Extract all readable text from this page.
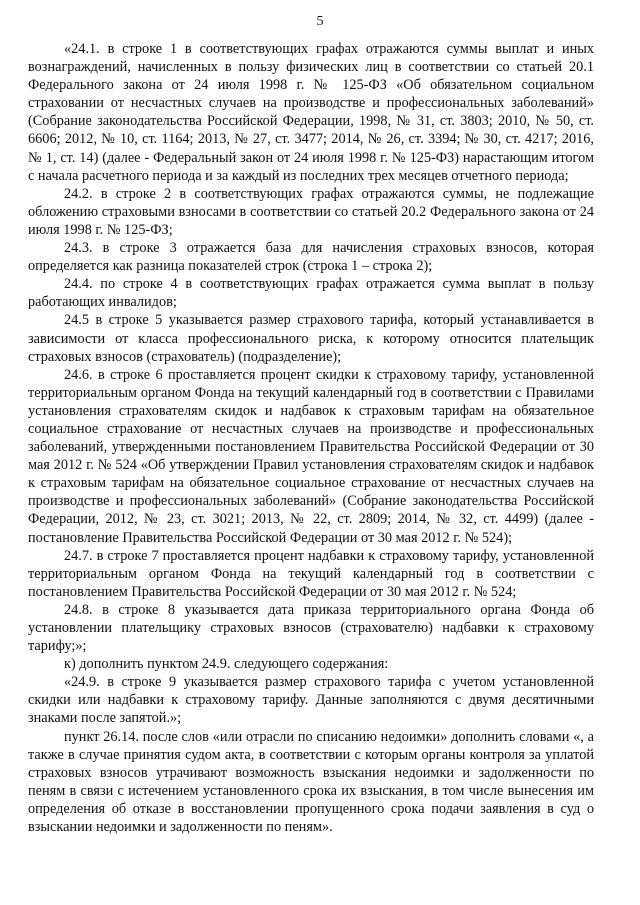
5

«24.1. в строке 1 в соответствующих графах отражаются суммы выплат и иных вознаграждений, начисленных в пользу физических лиц в соответствии со статьей 20.1 Федерального закона от 24 июля 1998 г. № 125-ФЗ «Об обязательном социальном страховании от несчастных случаев на производстве и профессиональных заболеваний» (Собрание законодательства Российской Федерации, 1998, № 31, ст. 3803; 2010, № 50, ст. 6606; 2012, № 10, ст. 1164; 2013, № 27, ст. 3477; 2014, № 26, ст. 3394; № 30, ст. 4217; 2016, № 1, ст. 14) (далее - Федеральный закон от 24 июля 1998 г. № 125-ФЗ) нарастающим итогом с начала расчетного периода и за каждый из последних трех месяцев отчетного периода;

24.2. в строке 2 в соответствующих графах отражаются суммы, не подлежащие обложению страховыми взносами в соответствии со статьей 20.2 Федерального закона от 24 июля 1998 г. № 125-ФЗ;

24.3. в строке 3 отражается база для начисления страховых взносов, которая определяется как разница показателей строк (строка 1 – строка 2);

24.4. по строке 4 в соответствующих графах отражается сумма выплат в пользу работающих инвалидов;

24.5 в строке 5 указывается размер страхового тарифа, который устанавливается в зависимости от класса профессионального риска, к которому относится плательщик страховых взносов (страхователь) (подразделение);

24.6. в строке 6 проставляется процент скидки к страховому тарифу, установленной территориальным органом Фонда на текущий календарный год в соответствии с Правилами установления страхователям скидок и надбавок к страховым тарифам на обязательное социальное страхование от несчастных случаев на производстве и профессиональных заболеваний, утвержденными постановлением Правительства Российской Федерации от 30 мая 2012 г. № 524 «Об утверждении Правил установления страхователям скидок и надбавок к страховым тарифам на обязательное социальное страхование от несчастных случаев на производстве и профессиональных заболеваний» (Собрание законодательства Российской Федерации, 2012, № 23, ст. 3021; 2013, № 22, ст. 2809; 2014, № 32, ст. 4499) (далее - постановление Правительства Российской Федерации от 30 мая 2012 г. № 524);

24.7. в строке 7 проставляется процент надбавки к страховому тарифу, установленной территориальным органом Фонда на текущий календарный год в соответствии с постановлением Правительства Российской Федерации от 30 мая 2012 г. № 524;

24.8. в строке 8 указывается дата приказа территориального органа Фонда об установлении плательщику страховых взносов (страхователю) надбавки к страховому тарифу;»;

к) дополнить пунктом 24.9. следующего содержания:

«24.9. в строке 9 указывается размер страхового тарифа с учетом установленной скидки или надбавки к страховому тарифу. Данные заполняются с двумя десятичными знаками после запятой.»;

пункт 26.14. после слов «или отрасли по списанию недоимки» дополнить словами «, а также в случае принятия судом акта, в соответствии с которым органы контроля за уплатой страховых взносов утрачивают возможность взыскания недоимки и задолженности по пеням в связи с истечением установленного срока их взыскания, в том числе вынесения им определения об отказе в восстановлении пропущенного срока подачи заявления в суд о взыскании недоимки и задолженности по пеням».
